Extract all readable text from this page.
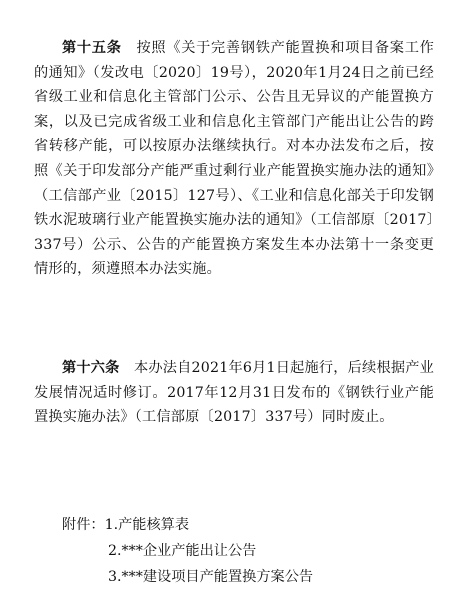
第十五条　 按照《关于完善钢铁产能置换和项目备案工作的通知》（发改电〔2020〕19号），2020年1月24日之前已经省级工业和信息化主管部门公示、公告且无异议的产能置换方案，以及已完成省级工业和信息化主管部门产能出让公告的跨省转移产能，可以按原办法继续执行。对本办法发布之后，按照《关于印发部分产能严重过剩行业产能置换实施办法的通知》（工信部产业〔2015〕127号）、《工业和信息化部关于印发钢铁水泥玻璃行业产能置换实施办法的通知》（工信部原〔2017〕337号）公示、公告的产能置换方案发生本办法第十一条变更情形的，须遵照本办法实施。
第十六条　 本办法自2021年6月1日起施行，后续根据产业发展情况适时修订。2017年12月31日发布的《钢铁行业产能置换实施办法》（工信部原〔2017〕337号）同时废止。
附件：1.产能核算表
2.***企业产能出让公告
3.***建设项目产能置换方案公告
